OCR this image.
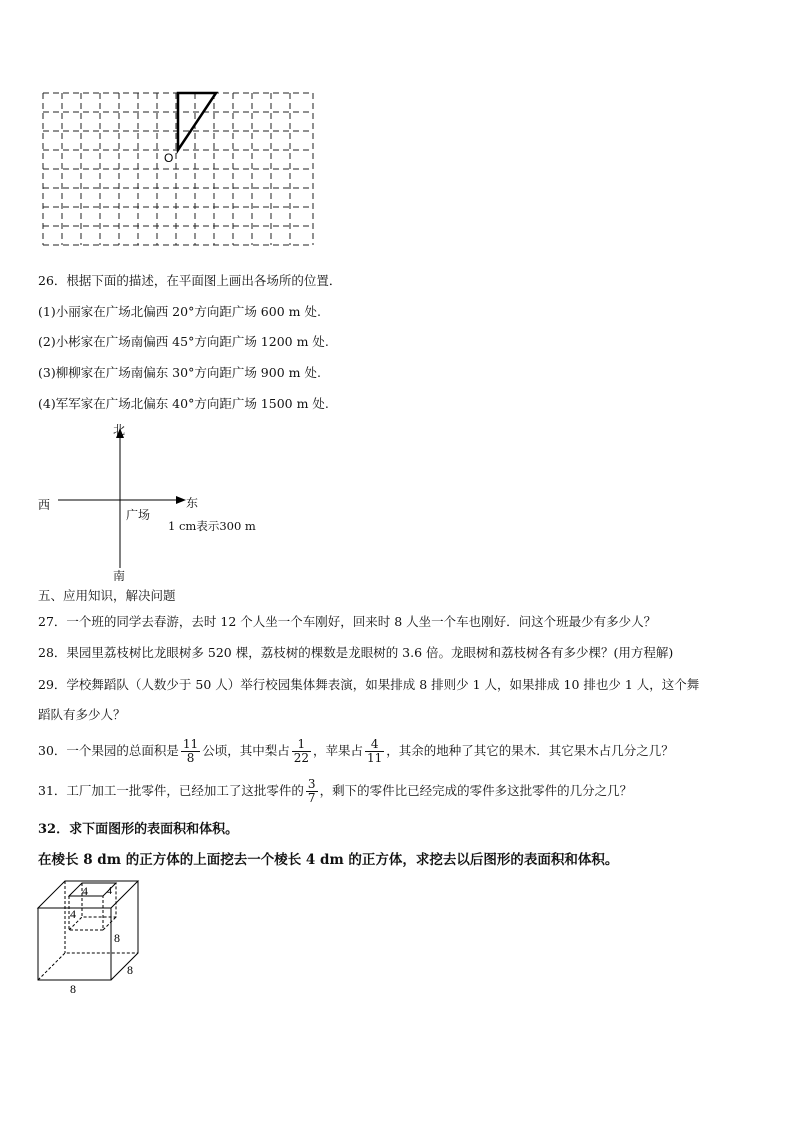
O
26．根据下面的描述，在平面图上画出各场所的位置．
(1)小丽家在广场北偏西 20°方向距广场 600 m 处.
(2)小彬家在广场南偏西 45°方向距广场 1200 m 处.
(3)柳柳家在广场南偏东 30°方向距广场 900 m 处.
(4)军军家在广场北偏东 40°方向距广场 1500 m 处.
北
南
西	东
广场
1 cm表示300 m
五、应用知识，解决问题
27．一个班的同学去春游，去时 12 个人坐一个车刚好，回来时 8 人坐一个车也刚好．问这个班最少有多少人？
28．果园里荔枝树比龙眼树多 520 棵，荔枝树的棵数是龙眼树的 3.6 倍。龙眼树和荔枝树各有多少棵？(用方程解)
29．学校舞蹈队（人数少于 50 人）举行校园集体舞表演，如果排成 8 排则少 1 人，如果排成 10 排也少 1 人，这个舞
蹈队有多少人？
30．一个果园的总面积是 $\frac{11}{8}$ 公顷，其中梨占 $\frac{1}{22}$ ，苹果占 $\frac{4}{11}$ ，其余的地种了其它的果木．其它果木占几分之几？
31．工厂加工一批零件，已经加工了这批零件的 $\frac{3}{7}$ ，剩下的零件比已经完成的零件多这批零件的几分之几？
32．求下面图形的表面积和体积。
在棱长 8 dm 的正方体的上面挖去一个棱长 4 dm 的正方体，求挖去以后图形的表面积和体积。
4 4
4
8
8
8
